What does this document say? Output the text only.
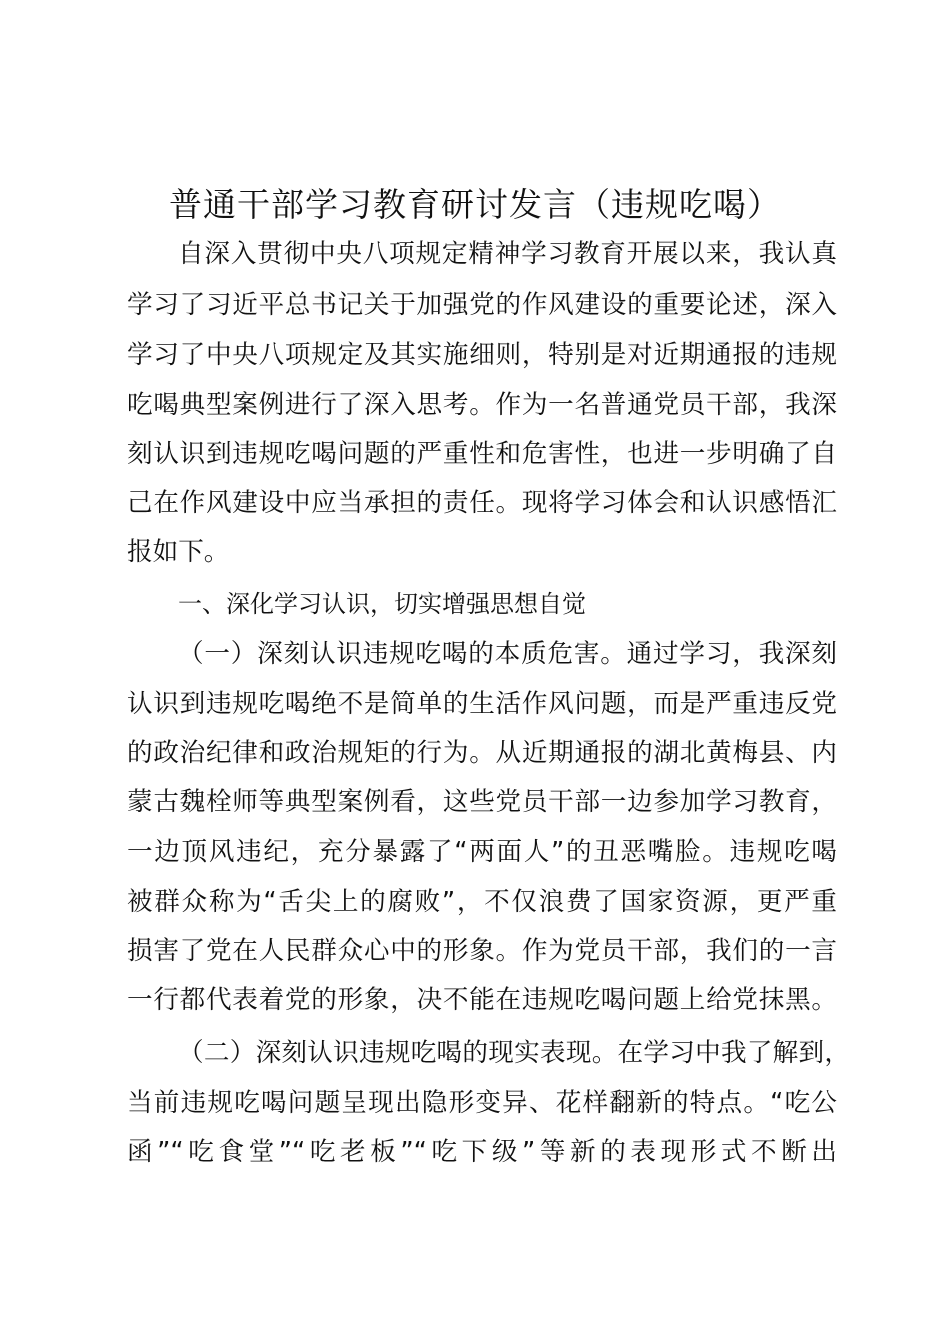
普通干部学习教育研讨发言（违规吃喝）
自深入贯彻中央八项规定精神学习教育开展以来，我认真
学习了习近平总书记关于加强党的作风建设的重要论述，深入
学习了中央八项规定及其实施细则，特别是对近期通报的违规
吃喝典型案例进行了深入思考。作为一名普通党员干部，我深
刻认识到违规吃喝问题的严重性和危害性，也进一步明确了自
己在作风建设中应当承担的责任。现将学习体会和认识感悟汇
报如下。
一、深化学习认识，切实增强思想自觉
（一）深刻认识违规吃喝的本质危害。通过学习，我深刻
认识到违规吃喝绝不是简单的生活作风问题，而是严重违反党
的政治纪律和政治规矩的行为。从近期通报的湖北黄梅县、内
蒙古魏栓师等典型案例看，这些党员干部一边参加学习教育，
一边顶风违纪，充分暴露了“两面人”的丑恶嘴脸。违规吃喝
被群众称为“舌尖上的腐败”，不仅浪费了国家资源，更严重
损害了党在人民群众心中的形象。作为党员干部，我们的一言
一行都代表着党的形象，决不能在违规吃喝问题上给党抹黑。
（二）深刻认识违规吃喝的现实表现。在学习中我了解到，
当前违规吃喝问题呈现出隐形变异、花样翻新的特点。“吃公
函”“吃食堂”“吃老板”“吃下级”等新的表现形式不断出
